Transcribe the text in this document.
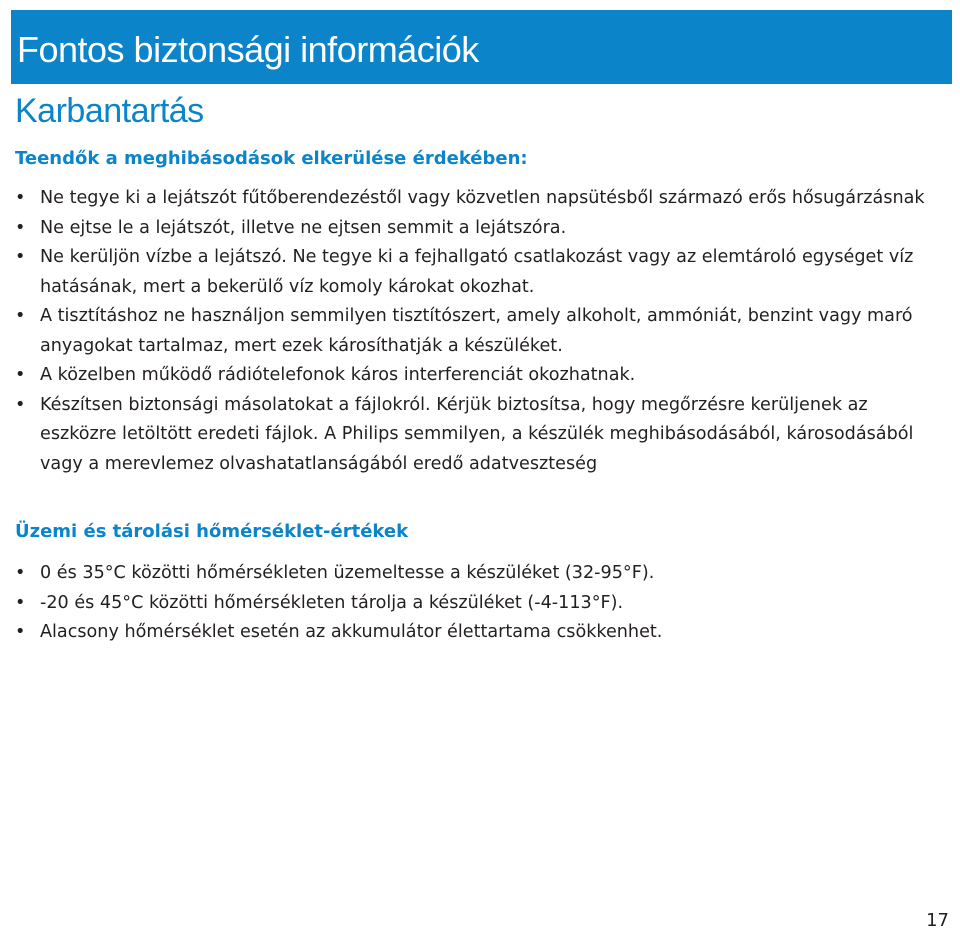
Fontos biztonsági információk
Karbantartás
Teendők a meghibásodások elkerülése érdekében:
• Ne tegye ki a lejátszót fűtőberendezéstől vagy közvetlen napsütésből származó erős hősugárzásnak
• Ne ejtse le a lejátszót, illetve ne ejtsen semmit a lejátszóra.
• Ne kerüljön vízbe a lejátszó. Ne tegye ki a fejhallgató csatlakozást vagy az elemtároló egységet víz hatásának, mert a bekerülő víz komoly károkat okozhat.
• A tisztításhoz ne használjon semmilyen tisztítószert, amely alkoholt, ammóniát, benzint vagy maró anyagokat tartalmaz, mert ezek károsíthatják a készüléket.
• A közelben működő rádiótelefonok káros interferenciát okozhatnak.
• Készítsen biztonsági másolatokat a fájlokról. Kérjük biztosítsa, hogy megőrzésre kerüljenek az eszközre letöltött eredeti fájlok. A Philips semmilyen, a készülék meghibásodásából, károsodásából vagy a merevlemez olvashatatlanságából eredő adatveszteség
Üzemi és tárolási hőmérséklet-értékek
• 0 és 35°C közötti hőmérsékleten üzemeltesse a készüléket (32-95°F).
• -20 és 45°C közötti hőmérsékleten tárolja a készüléket (-4-113°F).
• Alacsony hőmérséklet esetén az akkumulátor élettartama csökkenhet.
17
